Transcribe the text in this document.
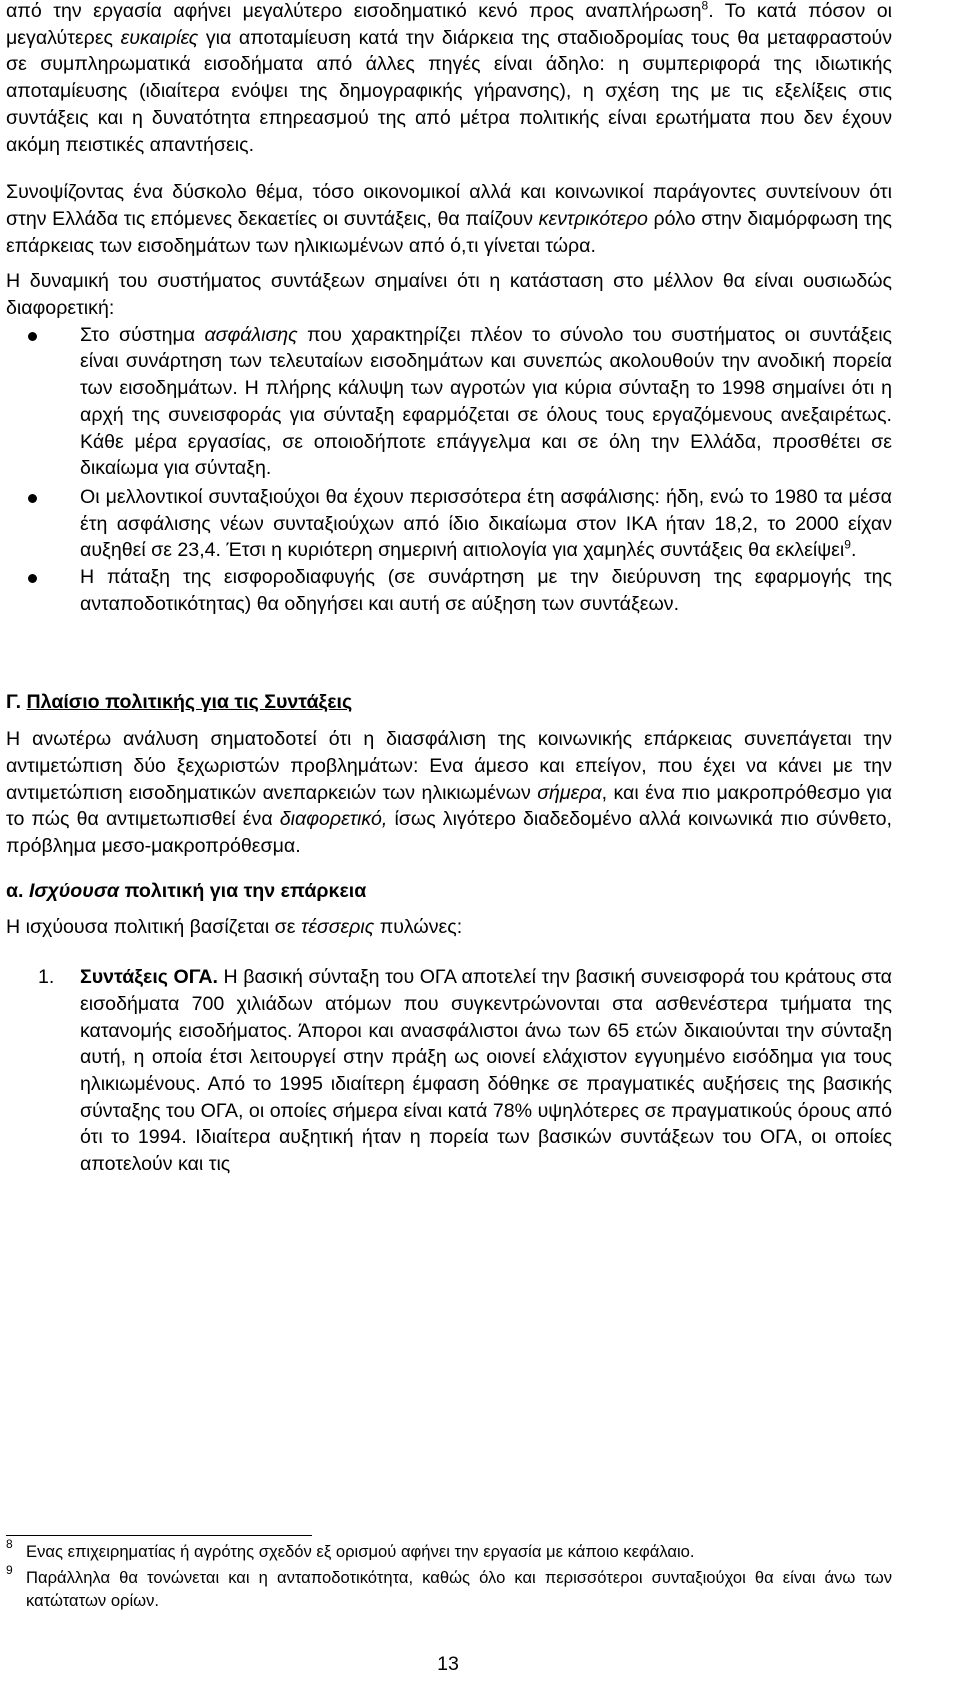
από την εργασία αφήνει μεγαλύτερο εισοδηματικό κενό προς αναπλήρωση$^8$. Το κατά πόσον οι μεγαλύτερες ευκαιρίες για αποταμίευση κατά την διάρκεια της σταδιοδρομίας τους θα μεταφραστούν σε συμπληρωματικά εισοδήματα από άλλες πηγές είναι άδηλο: η συμπεριφορά της ιδιωτικής αποταμίευσης (ιδιαίτερα ενόψει της δημογραφικής γήρανσης), η σχέση της με τις εξελίξεις στις συντάξεις και η δυνατότητα επηρεασμού της από μέτρα πολιτικής είναι ερωτήματα που δεν έχουν ακόμη πειστικές απαντήσεις.

Συνοψίζοντας ένα δύσκολο θέμα, τόσο οικονομικοί αλλά και κοινωνικοί παράγοντες συντείνουν ότι στην Ελλάδα τις επόμενες δεκαετίες οι συντάξεις, θα παίζουν κεντρικότερο ρόλο στην διαμόρφωση της επάρκειας των εισοδημάτων των ηλικιωμένων από ό,τι γίνεται τώρα.

Η δυναμική του συστήματος συντάξεων σημαίνει ότι η κατάσταση στο μέλλον θα είναι ουσιωδώς διαφορετική:

Στο σύστημα ασφάλισης που χαρακτηρίζει πλέον το σύνολο του συστήματος οι συντάξεις είναι συνάρτηση των τελευταίων εισοδημάτων και συνεπώς ακολουθούν την ανοδική πορεία των εισοδημάτων. Η πλήρης κάλυψη των αγροτών για κύρια σύνταξη το 1998 σημαίνει ότι η αρχή της συνεισφοράς για σύνταξη εφαρμόζεται σε όλους τους εργαζόμενους ανεξαιρέτως. Κάθε μέρα εργασίας, σε οποιοδήποτε επάγγελμα και σε όλη την Ελλάδα, προσθέτει σε δικαίωμα για σύνταξη.
Οι μελλοντικοί συνταξιούχοι θα έχουν περισσότερα έτη ασφάλισης: ήδη, ενώ το 1980 τα μέσα έτη ασφάλισης νέων συνταξιούχων από ίδιο δικαίωμα στον ΙΚΑ ήταν 18,2, το 2000 είχαν αυξηθεί σε 23,4. Έτσι η κυριότερη σημερινή αιτιολογία για χαμηλές συντάξεις θα εκλείψει$^9$.
Η πάταξη της εισφοροδιαφυγής (σε συνάρτηση με την διεύρυνση της εφαρμογής της ανταποδοτικότητας) θα οδηγήσει και αυτή σε αύξηση των συντάξεων.
Γ. Πλαίσιο πολιτικής για τις Συντάξεις

Η ανωτέρω ανάλυση σηματοδοτεί ότι η διασφάλιση της κοινωνικής επάρκειας συνεπάγεται την αντιμετώπιση δύο ξεχωριστών προβλημάτων: Ενα άμεσο και επείγον, που έχει να κάνει με την αντιμετώπιση εισοδηματικών ανεπαρκειών των ηλικιωμένων σήμερα, και ένα πιο μακροπρόθεσμο για το πώς θα αντιμετωπισθεί ένα διαφορετικό, ίσως λιγότερο διαδεδομένο αλλά κοινωνικά πιο σύνθετο, πρόβλημα μεσο-μακροπρόθεσμα.

α. Ισχύουσα πολιτική για την επάρκεια

Η ισχύουσα πολιτική βασίζεται σε τέσσερις πυλώνες:

1. Συντάξεις ΟΓΑ. Η βασική σύνταξη του ΟΓΑ αποτελεί την βασική συνεισφορά του κράτους στα εισοδήματα 700 χιλιάδων ατόμων που συγκεντρώνονται στα ασθενέστερα τμήματα της κατανομής εισοδήματος. Άποροι και ανασφάλιστοι άνω των 65 ετών δικαιούνται την σύνταξη αυτή, η οποία έτσι λειτουργεί στην πράξη ως οιονεί ελάχιστον εγγυημένο εισόδημα για τους ηλικιωμένους. Από το 1995 ιδιαίτερη έμφαση δόθηκε σε πραγματικές αυξήσεις της βασικής σύνταξης του ΟΓΑ, οι οποίες σήμερα είναι κατά 78% υψηλότερες σε πραγματικούς όρους από ότι το 1994. Ιδιαίτερα αυξητική ήταν η πορεία των βασικών συντάξεων του ΟΓΑ, οι οποίες αποτελούν και τις
8 Ενας επιχειρηματίας ή αγρότης σχεδόν εξ ορισμού αφήνει την εργασία με κάποιο κεφάλαιο.
9 Παράλληλα θα τονώνεται και η ανταποδοτικότητα, καθώς όλο και περισσότεροι συνταξιούχοι θα είναι άνω των κατώτατων ορίων.
13
